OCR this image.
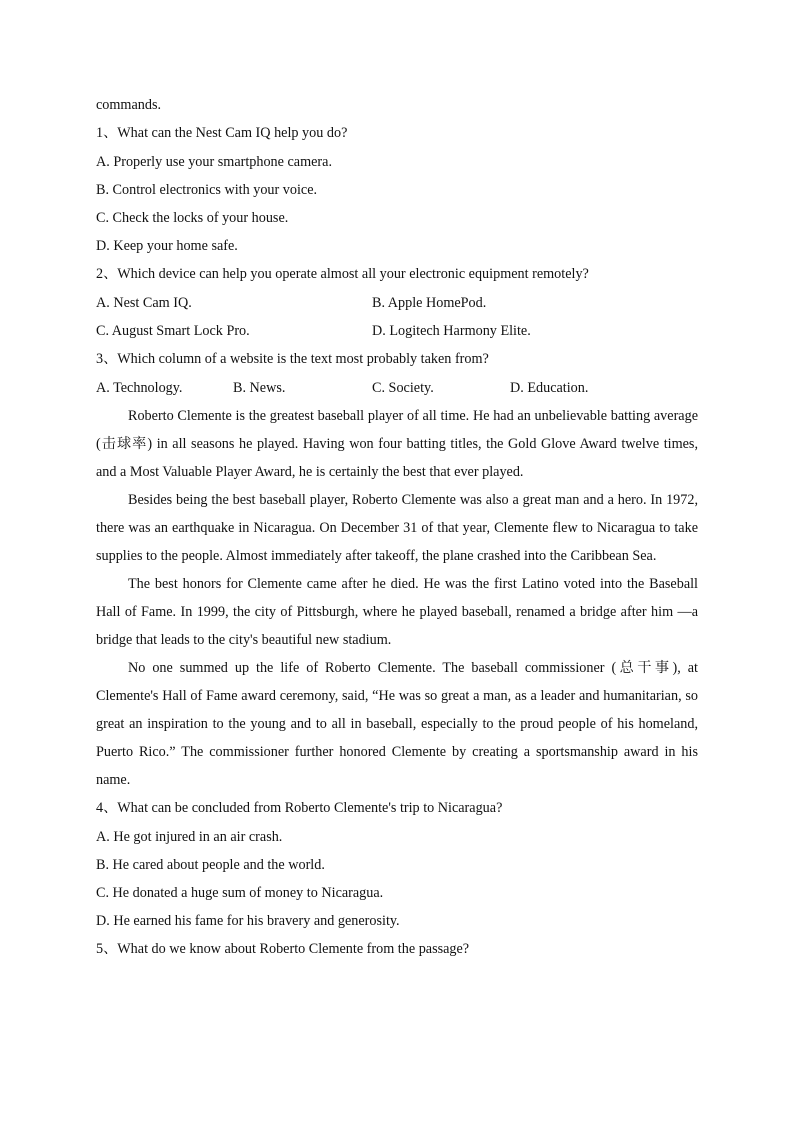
commands.
1、What can the Nest Cam IQ help you do?
A. Properly use your smartphone camera.
B. Control electronics with your voice.
C. Check the locks of your house.
D. Keep your home safe.
2、Which device can help you operate almost all your electronic equipment remotely?
A. Nest Cam IQ.	B. Apple HomePod.
C. August Smart Lock Pro.	D. Logitech Harmony Elite.
3、Which column of a website is the text most probably taken from?
A. Technology.	B. News.	C. Society.	D. Education.

Roberto Clemente is the greatest baseball player of all time. He had an unbelievable batting average (击球率) in all seasons he played. Having won four batting titles, the Gold Glove Award twelve times, and a Most Valuable Player Award, he is certainly the best that ever played.

Besides being the best baseball player, Roberto Clemente was also a great man and a hero. In 1972, there was an earthquake in Nicaragua. On December 31 of that year, Clemente flew to Nicaragua to take supplies to the people. Almost immediately after takeoff, the plane crashed into the Caribbean Sea.

The best honors for Clemente came after he died. He was the first Latino voted into the Baseball Hall of Fame. In 1999, the city of Pittsburgh, where he played baseball, renamed a bridge after him —a bridge that leads to the city's beautiful new stadium.

No one summed up the life of Roberto Clemente. The baseball commissioner (总干事), at Clemente's Hall of Fame award ceremony, said, “He was so great a man, as a leader and humanitarian, so great an inspiration to the young and to all in baseball, especially to the proud people of his homeland, Puerto Rico.” The commissioner further honored Clemente by creating a sportsmanship award in his name.

4、What can be concluded from Roberto Clemente's trip to Nicaragua?
A. He got injured in an air crash.
B. He cared about people and the world.
C. He donated a huge sum of money to Nicaragua.
D. He earned his fame for his bravery and generosity.
5、What do we know about Roberto Clemente from the passage?
